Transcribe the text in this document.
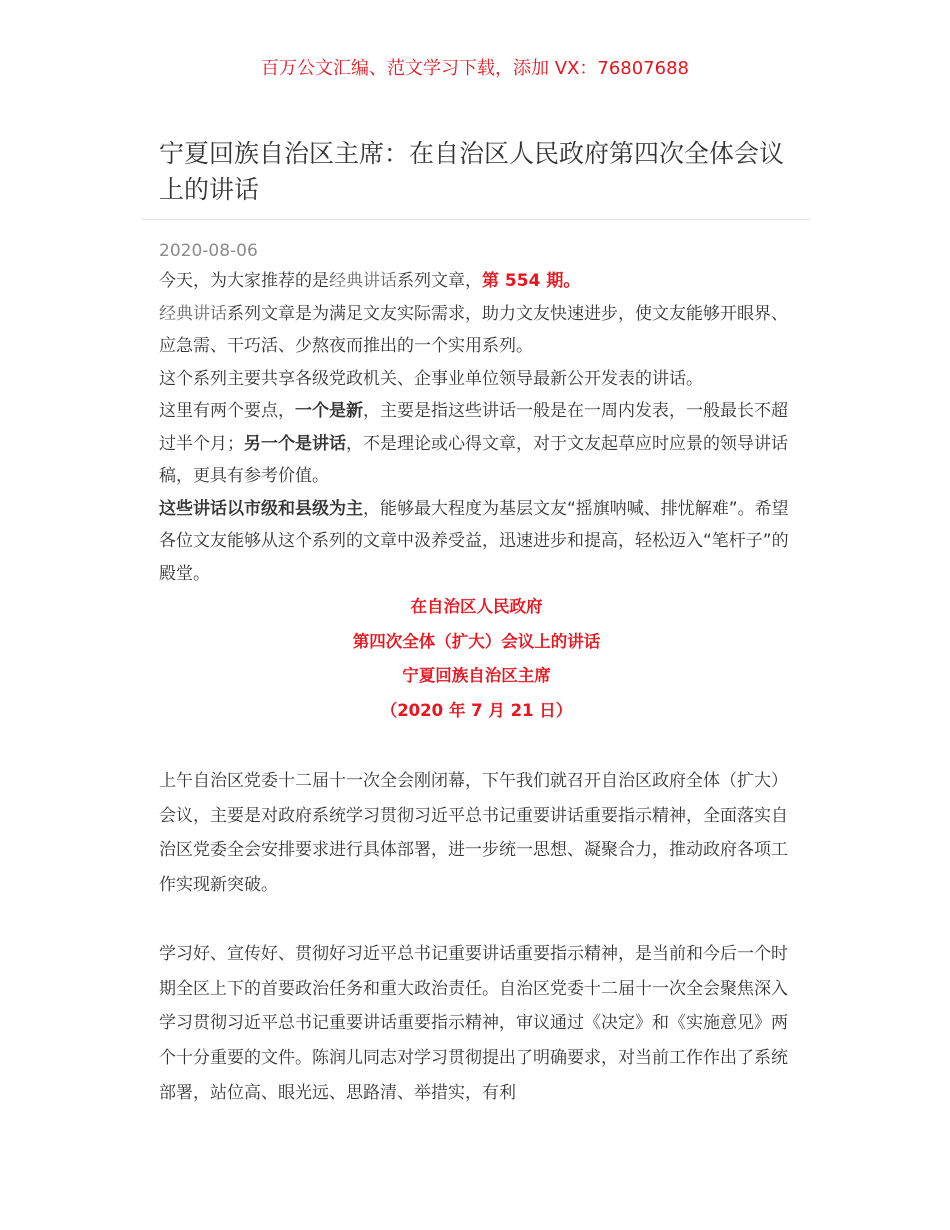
百万公文汇编、范文学习下载，添加 VX：76807688
宁夏回族自治区主席：在自治区人民政府第四次全体会议上的讲话
2020-08-06

今天，为大家推荐的是经典讲话系列文章，第 554 期。

经典讲话系列文章是为满足文友实际需求，助力文友快速进步，使文友能够开眼界、应急需、干巧活、少熬夜而推出的一个实用系列。

这个系列主要共享各级党政机关、企事业单位领导最新公开发表的讲话。

这里有两个要点，一个是新，主要是指这些讲话一般是在一周内发表，一般最长不超过半个月；另一个是讲话，不是理论或心得文章，对于文友起草应时应景的领导讲话稿，更具有参考价值。

这些讲话以市级和县级为主，能够最大程度为基层文友“摇旗呐喊、排忧解难”。希望各位文友能够从这个系列的文章中汲养受益，迅速进步和提高，轻松迈入“笔杆子”的殿堂。

在自治区人民政府

第四次全体（扩大）会议上的讲话

宁夏回族自治区主席

（2020 年 7 月 21 日）

上午自治区党委十二届十一次全会刚闭幕，下午我们就召开自治区政府全体（扩大）会议，主要是对政府系统学习贯彻习近平总书记重要讲话重要指示精神，全面落实自治区党委全会安排要求进行具体部署，进一步统一思想、凝聚合力，推动政府各项工作实现新突破。

学习好、宣传好、贯彻好习近平总书记重要讲话重要指示精神，是当前和今后一个时期全区上下的首要政治任务和重大政治责任。自治区党委十二届十一次全会聚焦深入学习贯彻习近平总书记重要讲话重要指示精神，审议通过《决定》和《实施意见》两个十分重要的文件。陈润儿同志对学习贯彻提出了明确要求，对当前工作作出了系统部署，站位高、眼光远、思路清、举措实，有利
